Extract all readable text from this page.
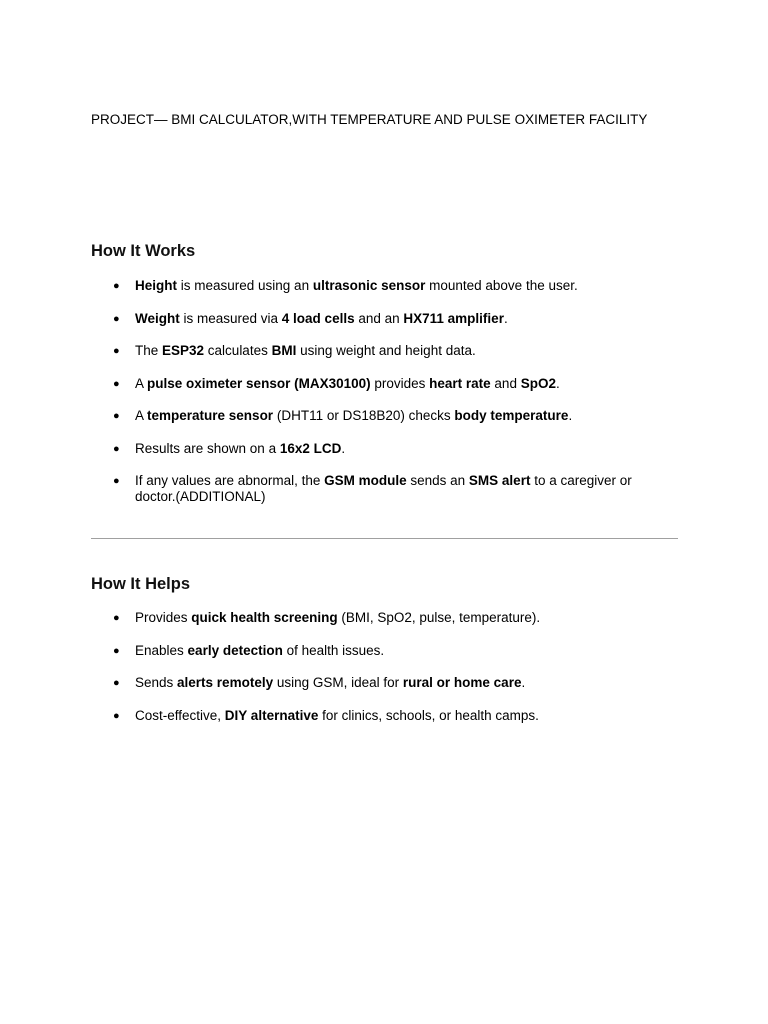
PROJECT— BMI CALCULATOR,WITH TEMPERATURE AND PULSE OXIMETER FACILITY
How It Works
● Height is measured using an ultrasonic sensor mounted above the user.
● Weight is measured via 4 load cells and an HX711 amplifier.
● The ESP32 calculates BMI using weight and height data.
● A pulse oximeter sensor (MAX30100) provides heart rate and SpO2.
● A temperature sensor (DHT11 or DS18B20) checks body temperature.
● Results are shown on a 16x2 LCD.
● If any values are abnormal, the GSM module sends an SMS alert to a caregiver or doctor.(ADDITIONAL)
How It Helps
● Provides quick health screening (BMI, SpO2, pulse, temperature).
● Enables early detection of health issues.
● Sends alerts remotely using GSM, ideal for rural or home care.
● Cost-effective, DIY alternative for clinics, schools, or health camps.
